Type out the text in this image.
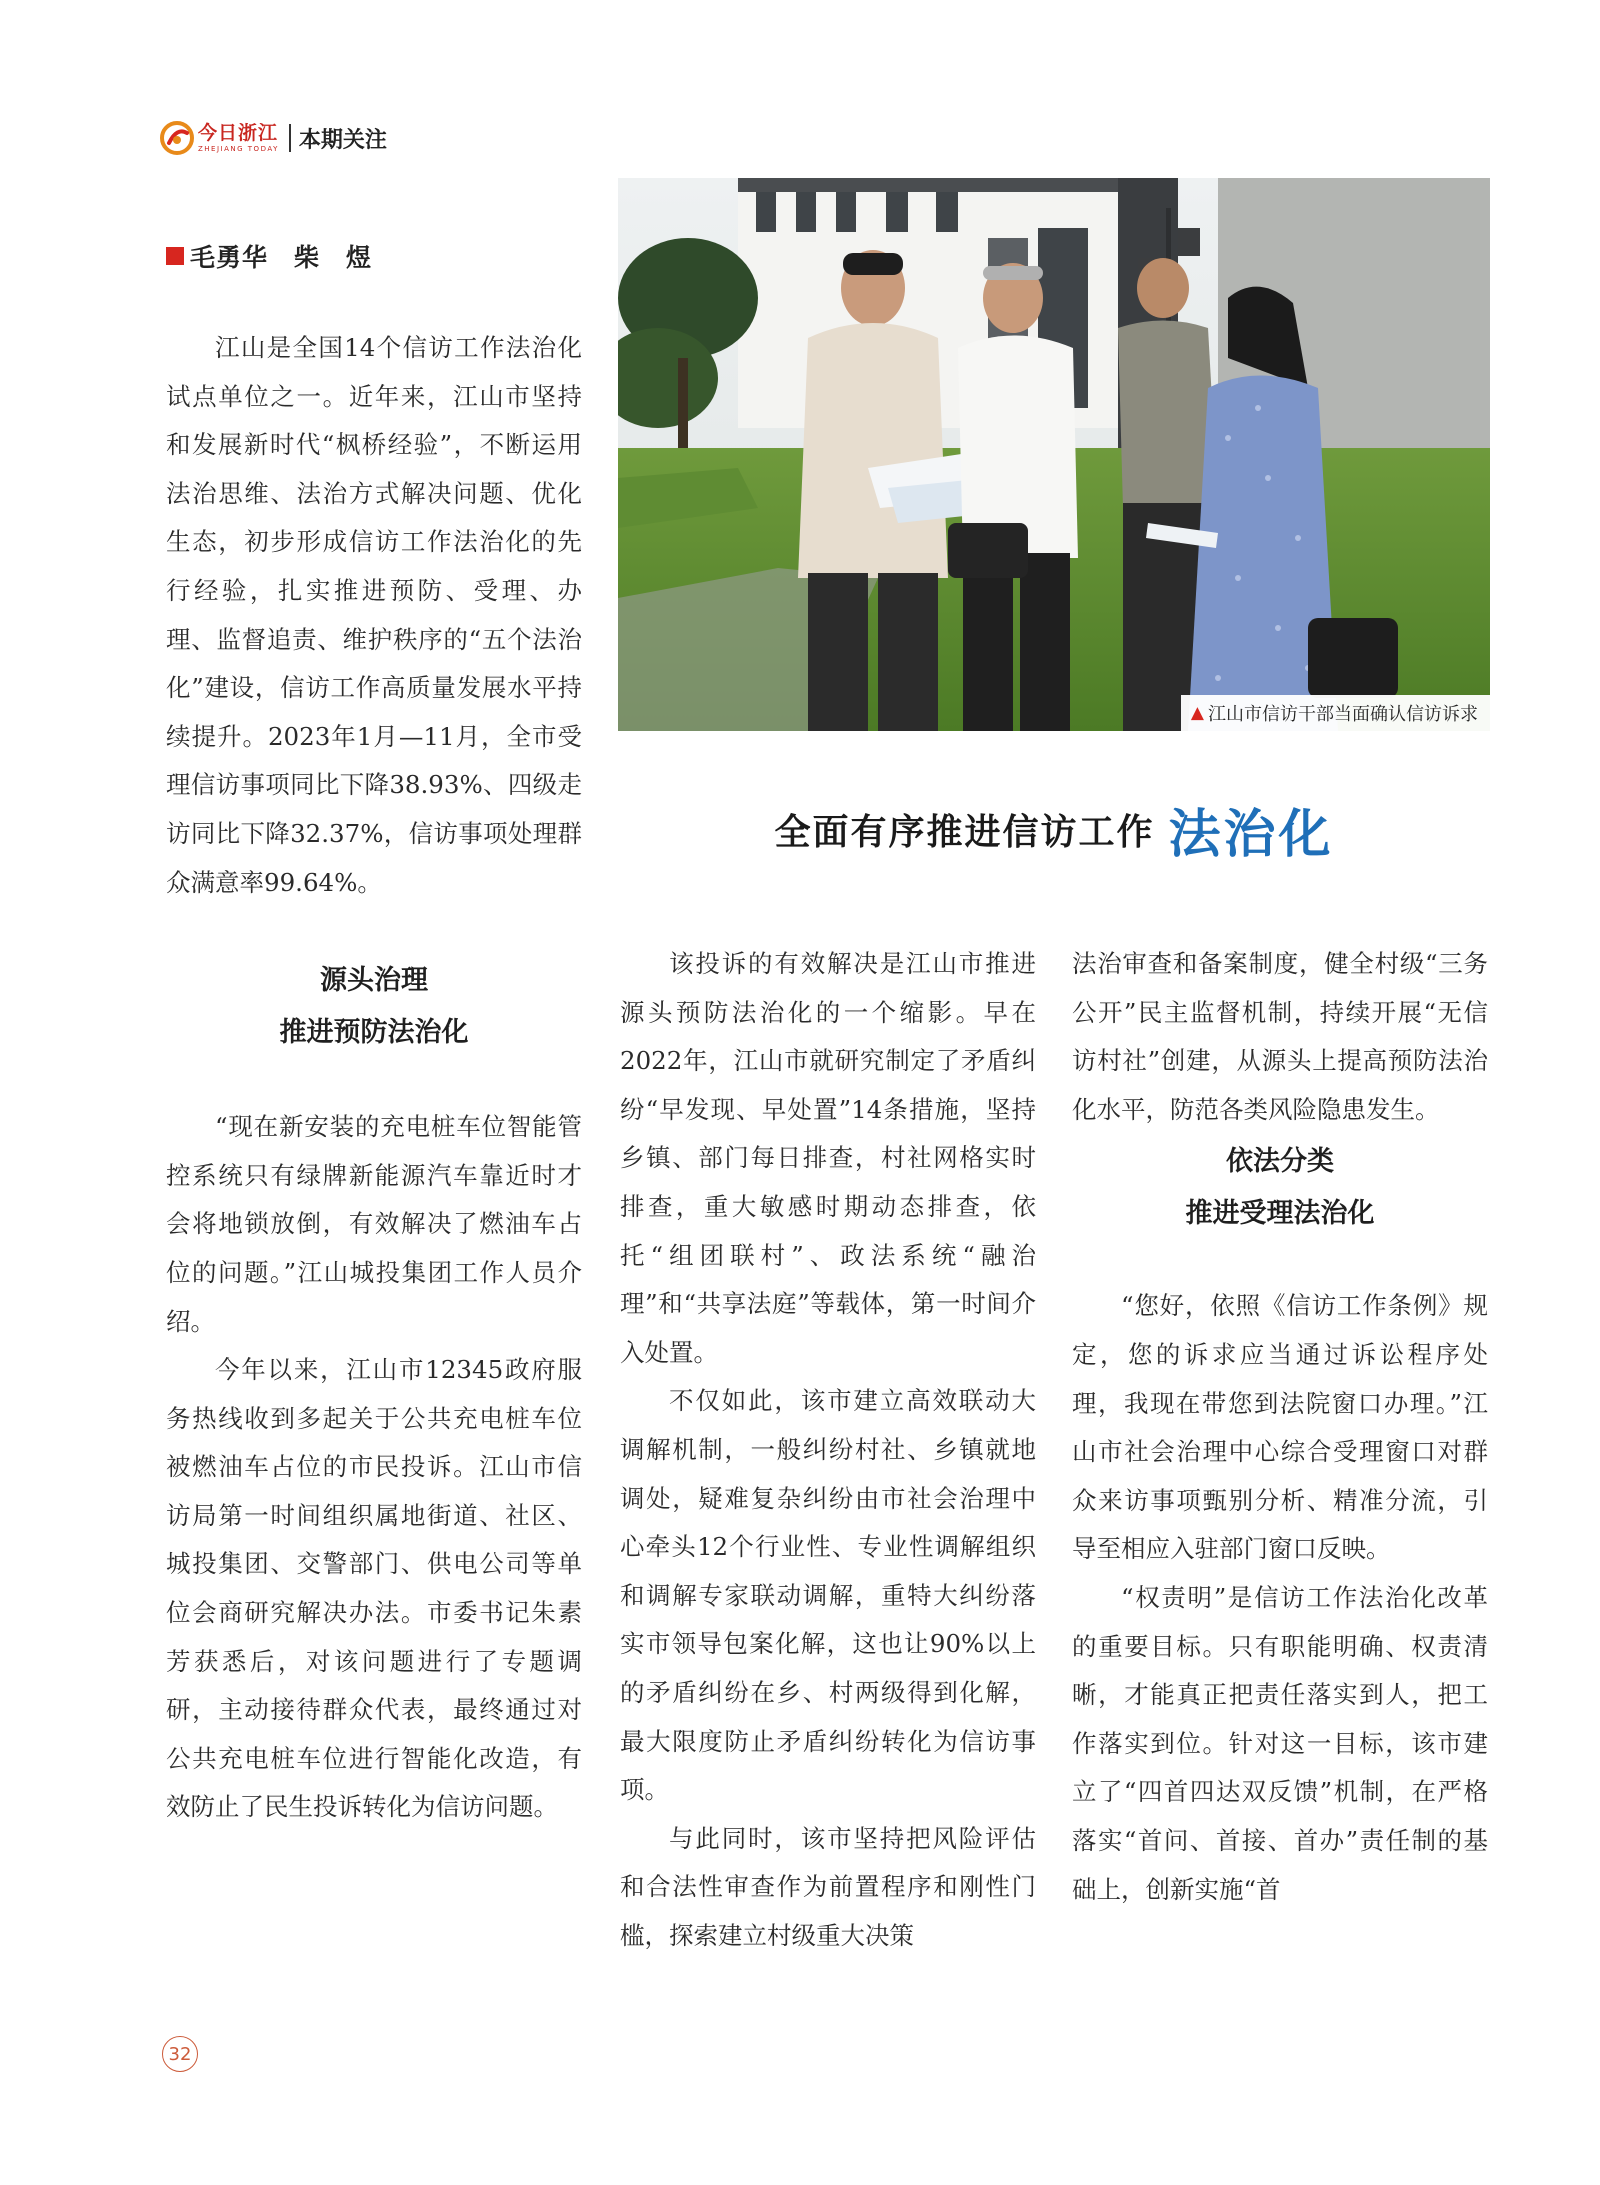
今日浙江
ZHEJIANG TODAY 本期关注
毛勇华　柴　煜

江山是全国14个信访工作法治化试点单位之一。近年来，江山市坚持和发展新时代“枫桥经验”，不断运用法治思维、法治方式解决问题、优化生态，初步形成信访工作法治化的先行经验，扎实推进预防、受理、办理、监督追责、维护秩序的“五个法治化”建设，信访工作高质量发展水平持续提升。2023年1月—11月，全市受理信访事项同比下降38.93%、四级走访同比下降32.37%，信访事项处理群众满意率99.64%。

源头治理
推进预防法治化

“现在新安装的充电桩车位智能管控系统只有绿牌新能源汽车靠近时才会将地锁放倒，有效解决了燃油车占位的问题。”江山城投集团工作人员介绍。

今年以来，江山市12345政府服务热线收到多起关于公共充电桩车位被燃油车占位的市民投诉。江山市信访局第一时间组织属地街道、社区、城投集团、交警部门、供电公司等单位会商研究解决办法。市委书记朱素芳获悉后，对该问题进行了专题调研，主动接待群众代表，最终通过对公共充电桩车位进行智能化改造，有效防止了民生投诉转化为信访问题。

▲ 江山市信访干部当面确认信访诉求
全面有序推进信访工作 法治化

该投诉的有效解决是江山市推进源头预防法治化的一个缩影。早在2022年，江山市就研究制定了矛盾纠纷“早发现、早处置”14条措施，坚持乡镇、部门每日排查，村社网格实时排查，重大敏感时期动态排查，依托“组团联村”、政法系统“融治理”和“共享法庭”等载体，第一时间介入处置。

不仅如此，该市建立高效联动大调解机制，一般纠纷村社、乡镇就地调处，疑难复杂纠纷由市社会治理中心牵头12个行业性、专业性调解组织和调解专家联动调解，重特大纠纷落实市领导包案化解，这也让90%以上的矛盾纠纷在乡、村两级得到化解，最大限度防止矛盾纠纷转化为信访事项。

与此同时，该市坚持把风险评估和合法性审查作为前置程序和刚性门槛，探索建立村级重大决策

法治审查和备案制度，健全村级“三务公开”民主监督机制，持续开展“无信访村社”创建，从源头上提高预防法治化水平，防范各类风险隐患发生。

依法分类
推进受理法治化

“您好，依照《信访工作条例》规定，您的诉求应当通过诉讼程序处理，我现在带您到法院窗口办理。”江山市社会治理中心综合受理窗口对群众来访事项甄别分析、精准分流，引导至相应入驻部门窗口反映。

“权责明”是信访工作法治化改革的重要目标。只有职能明确、权责清晰，才能真正把责任落实到人，把工作落实到位。针对这一目标，该市建立了“四首四达双反馈”机制，在严格落实“首问、首接、首办”责任制的基础上，创新实施“首

32
